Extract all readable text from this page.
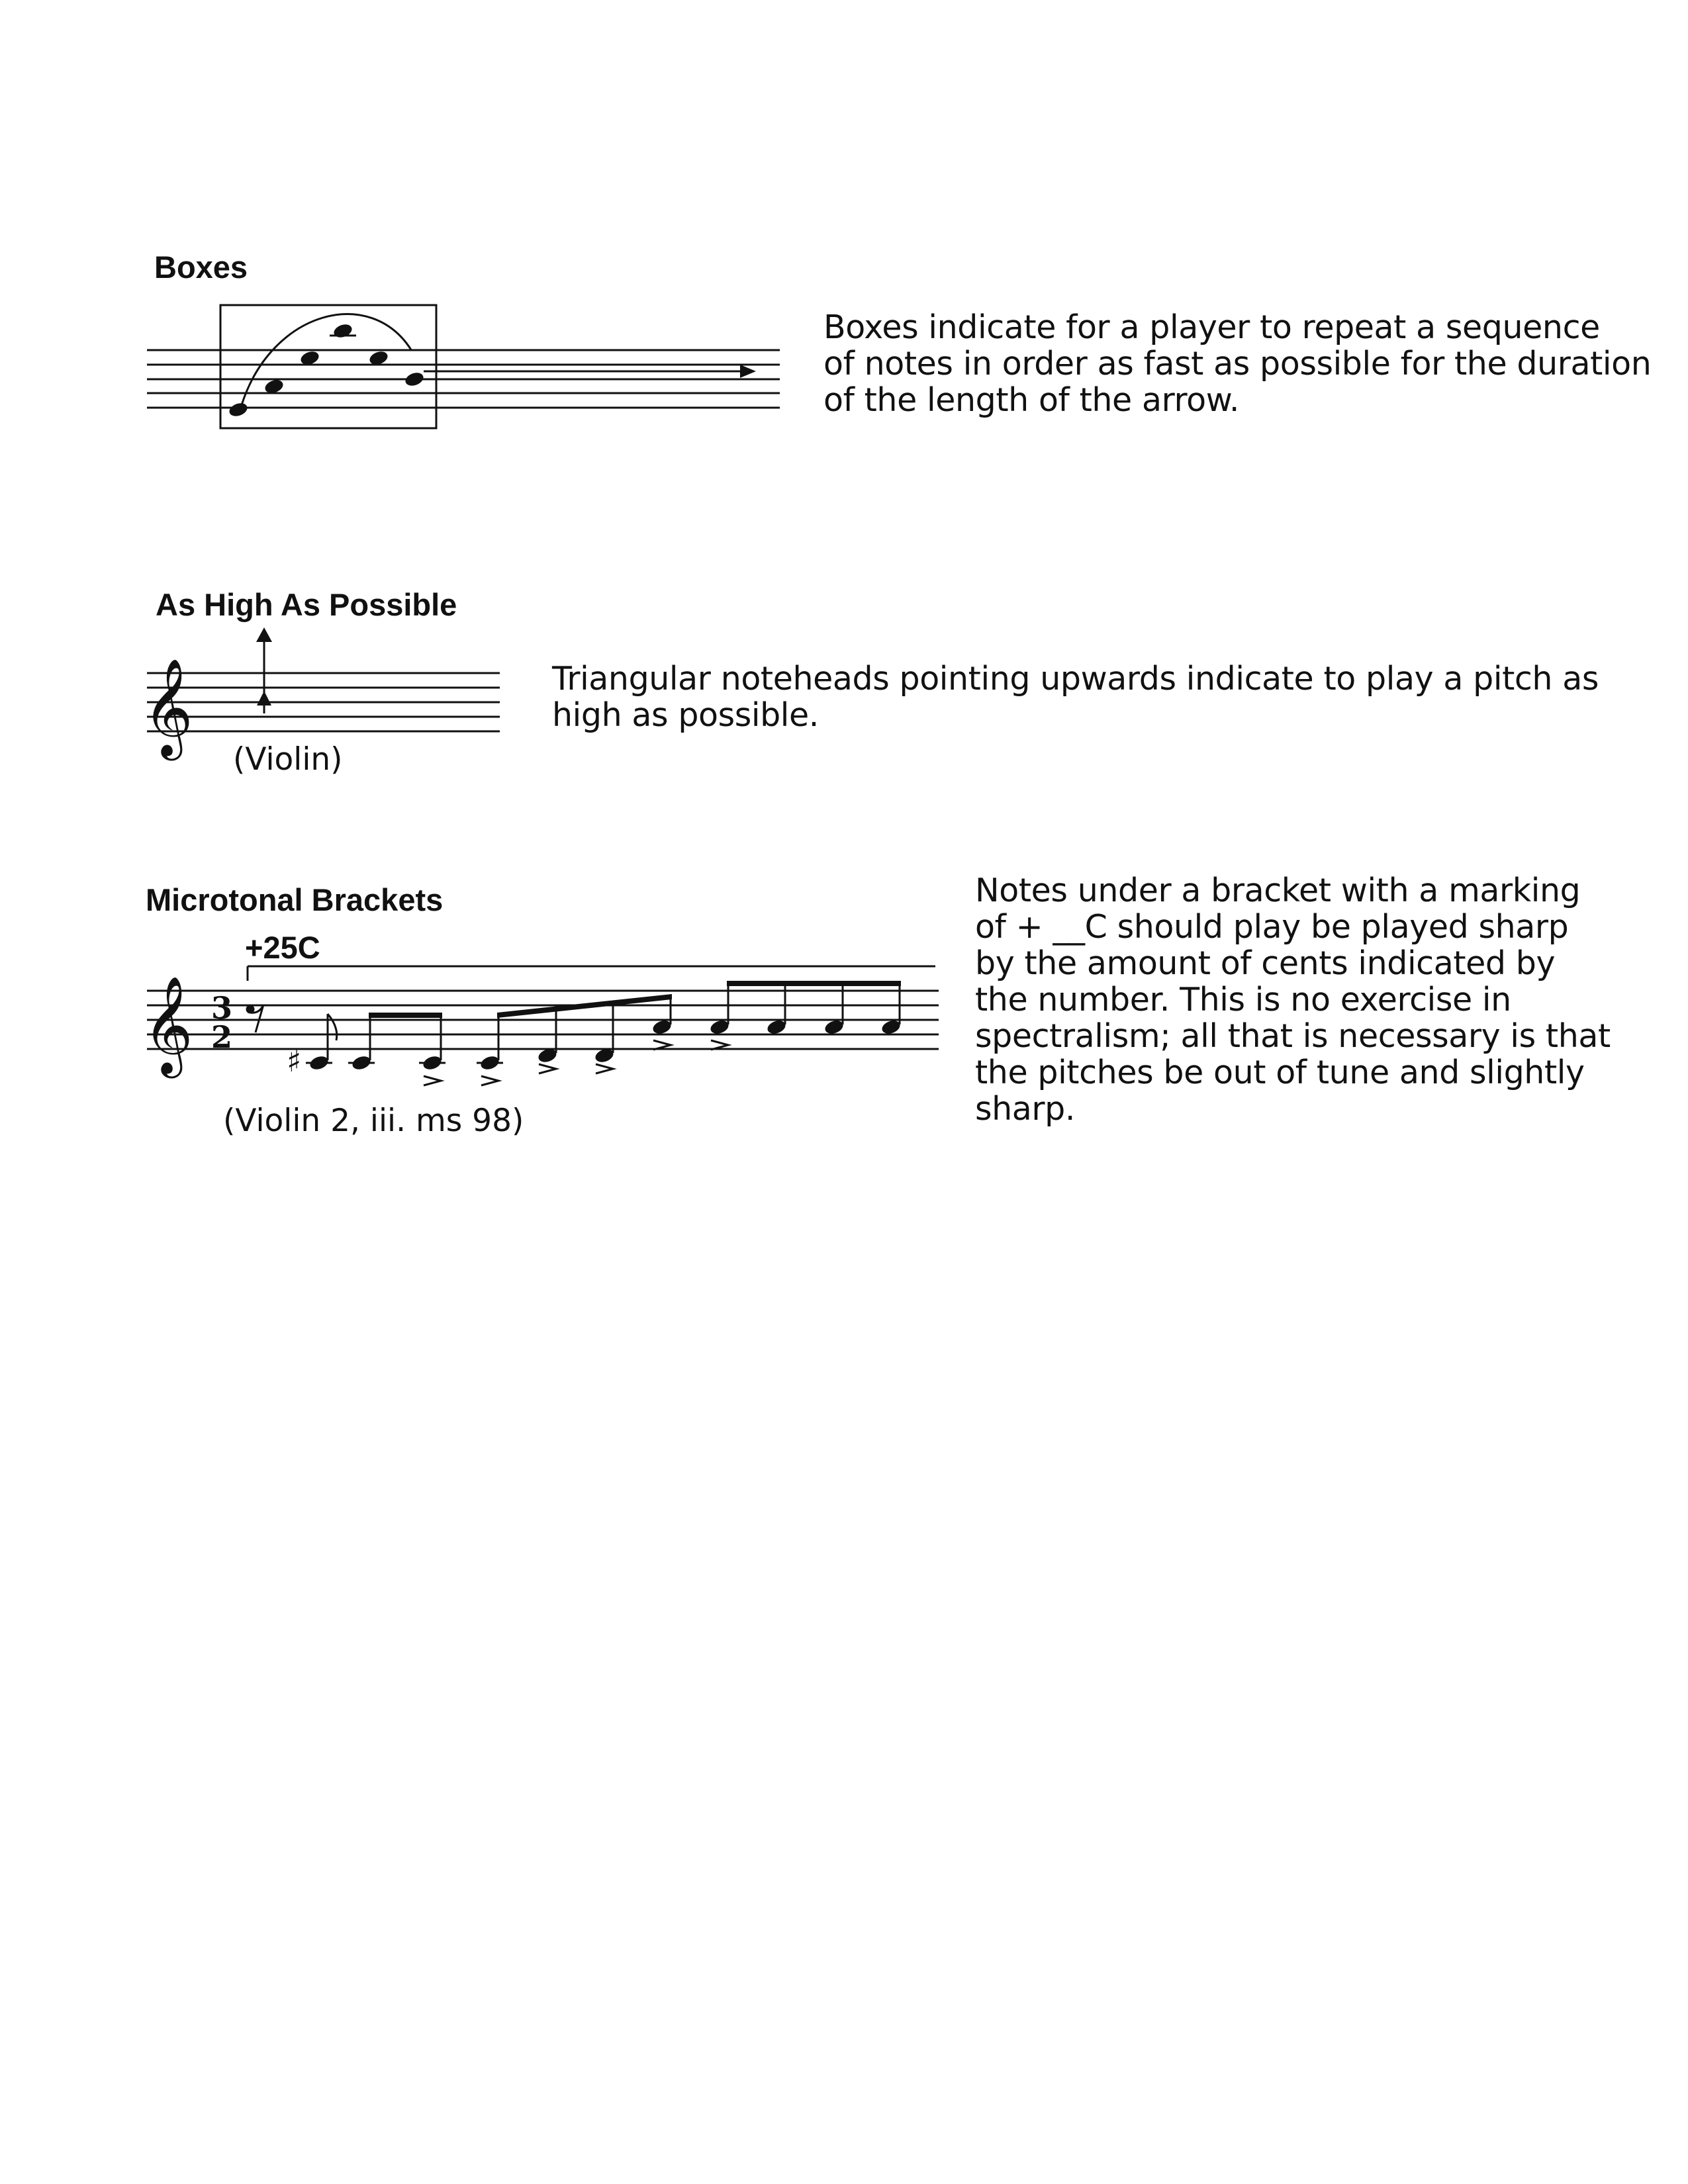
Boxes
Boxes indicate for a player to repeat a sequence
of notes in order as fast as possible for the duration
of the length of the arrow.
As High As Possible
𝄞
(Violin)
Triangular noteheads pointing upwards indicate to play a pitch as
high as possible.
Microtonal Brackets
+25C
𝄞 3
2
♯
(Violin 2, iii. ms 98)
Notes under a bracket with a marking
of + __C should play be played sharp
by the amount of cents indicated by
the number. This is no exercise in
spectralism; all that is necessary is that
the pitches be out of tune and slightly
sharp.
